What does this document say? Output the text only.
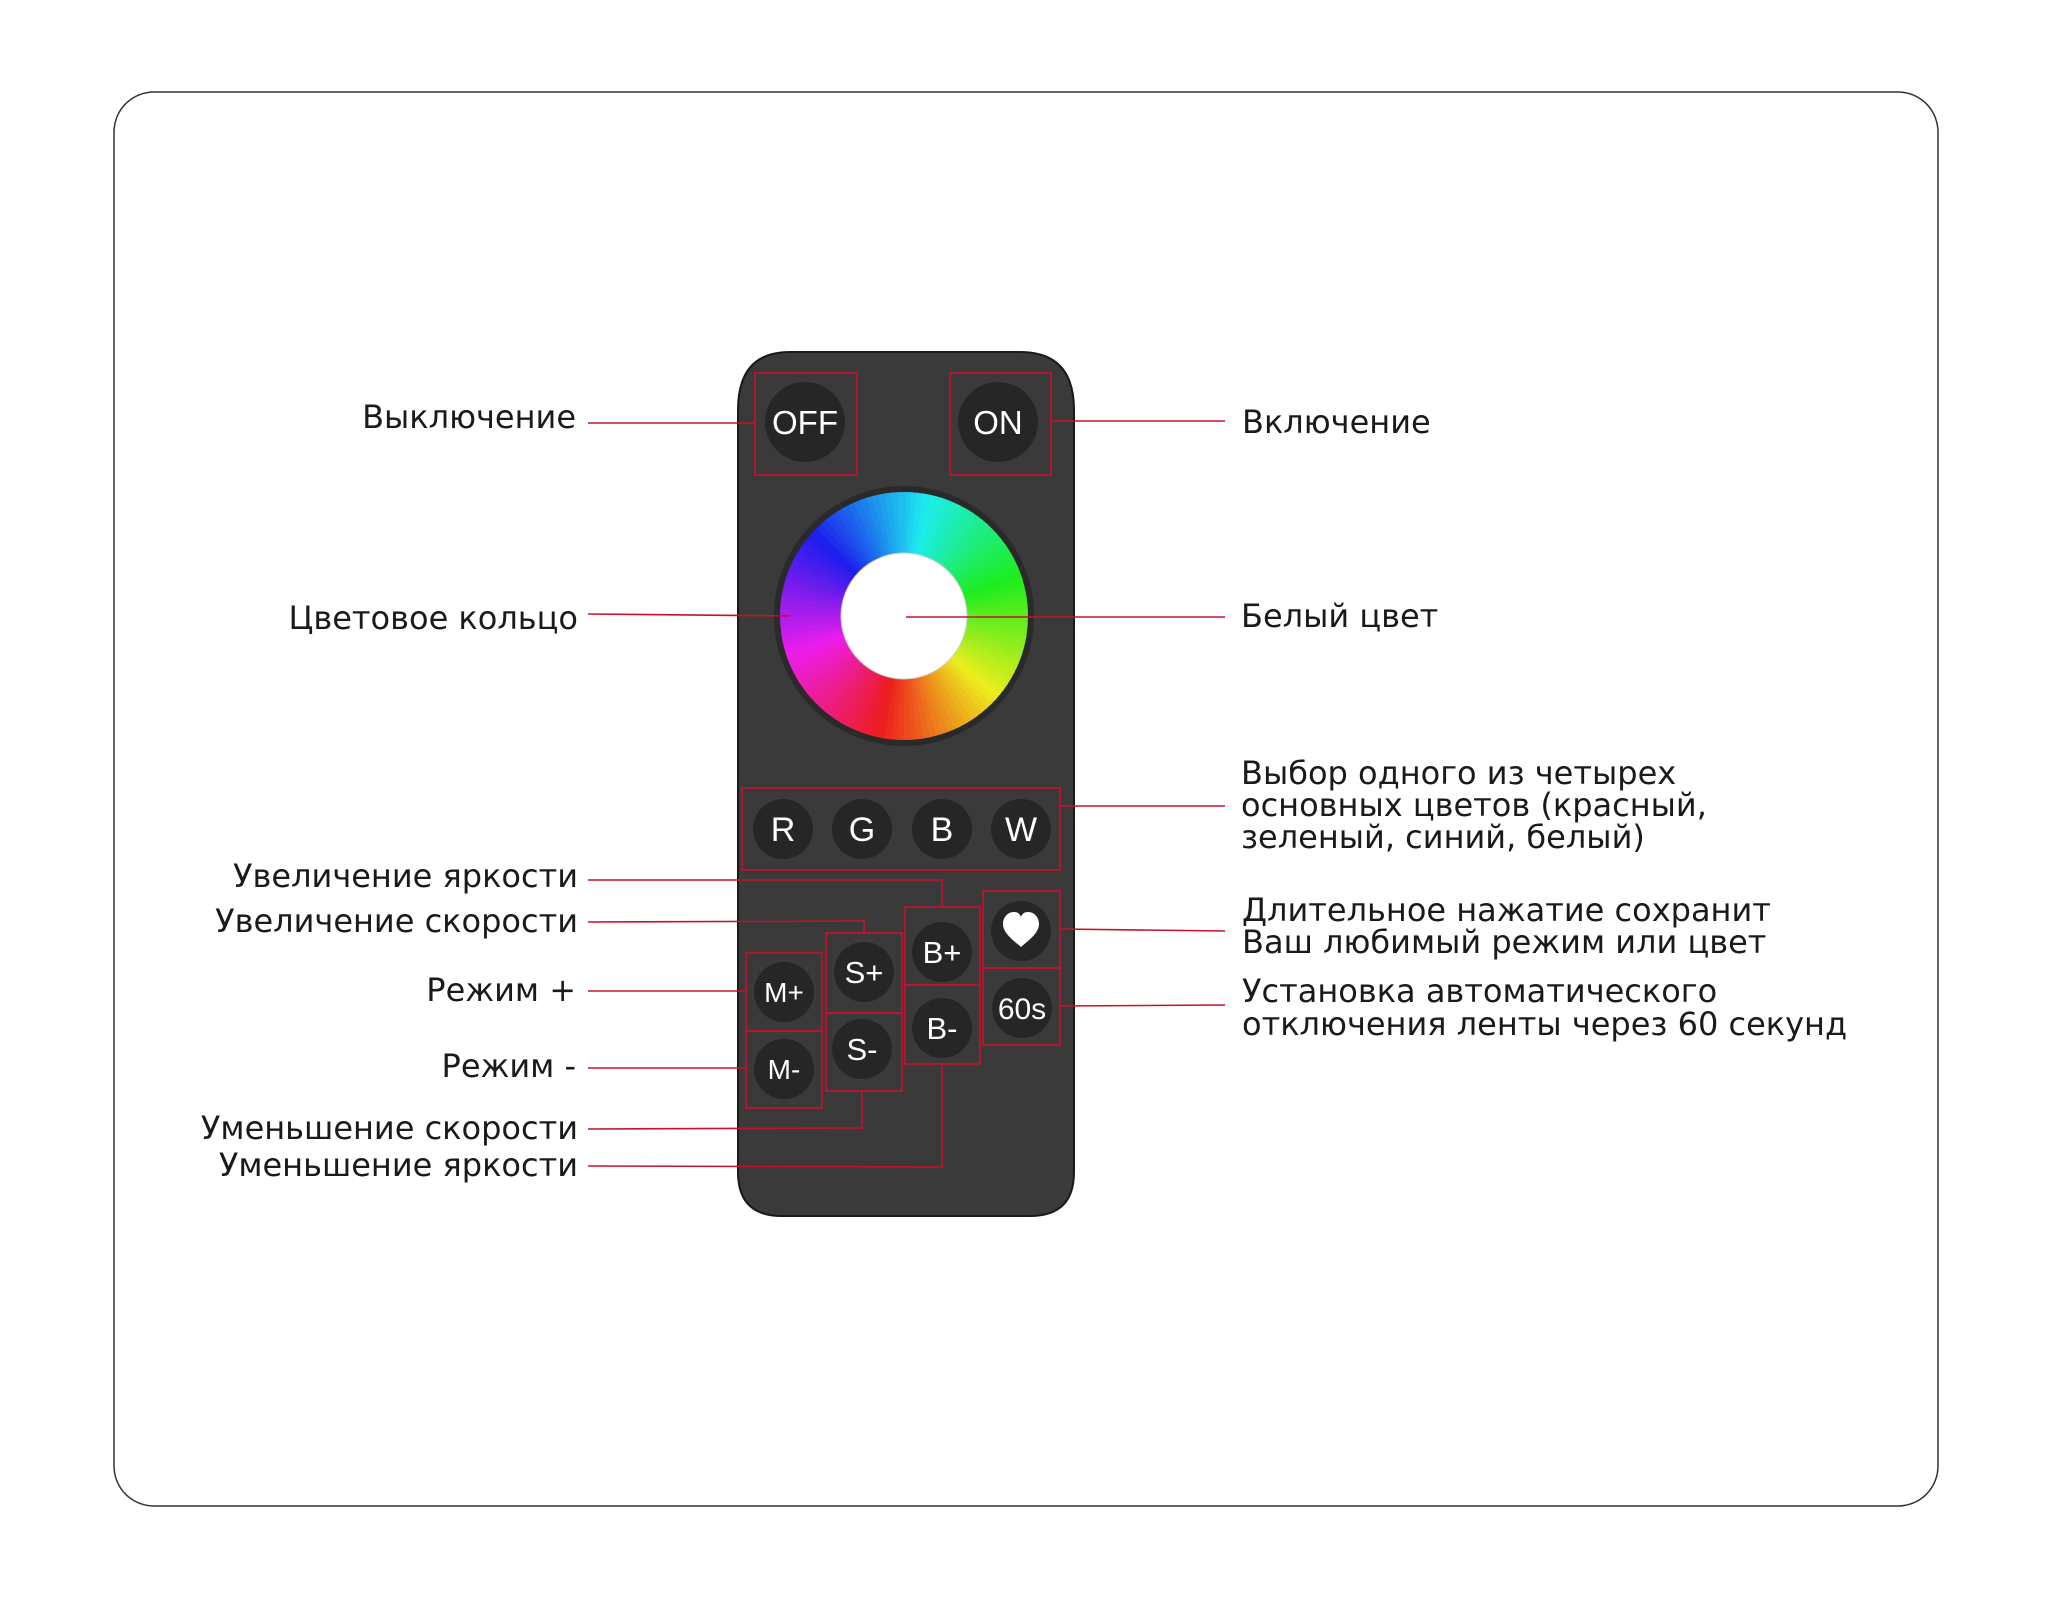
OFF	ON
R G B W
60s
B+
B-
S+
S-
M+
M-
Выключение
Цветовое кольцо
Увеличение яркости
Увеличение скорости
Режим +
Режим -
Уменьшение скорости
Уменьшение яркости
Включение
Белый цвет
Выбор одного из четырех
основных цветов (красный,
зеленый, синий, белый)
Длительное нажатие сохранит
Ваш любимый режим или цвет
Установка автоматического
отключения ленты через 60 секунд
